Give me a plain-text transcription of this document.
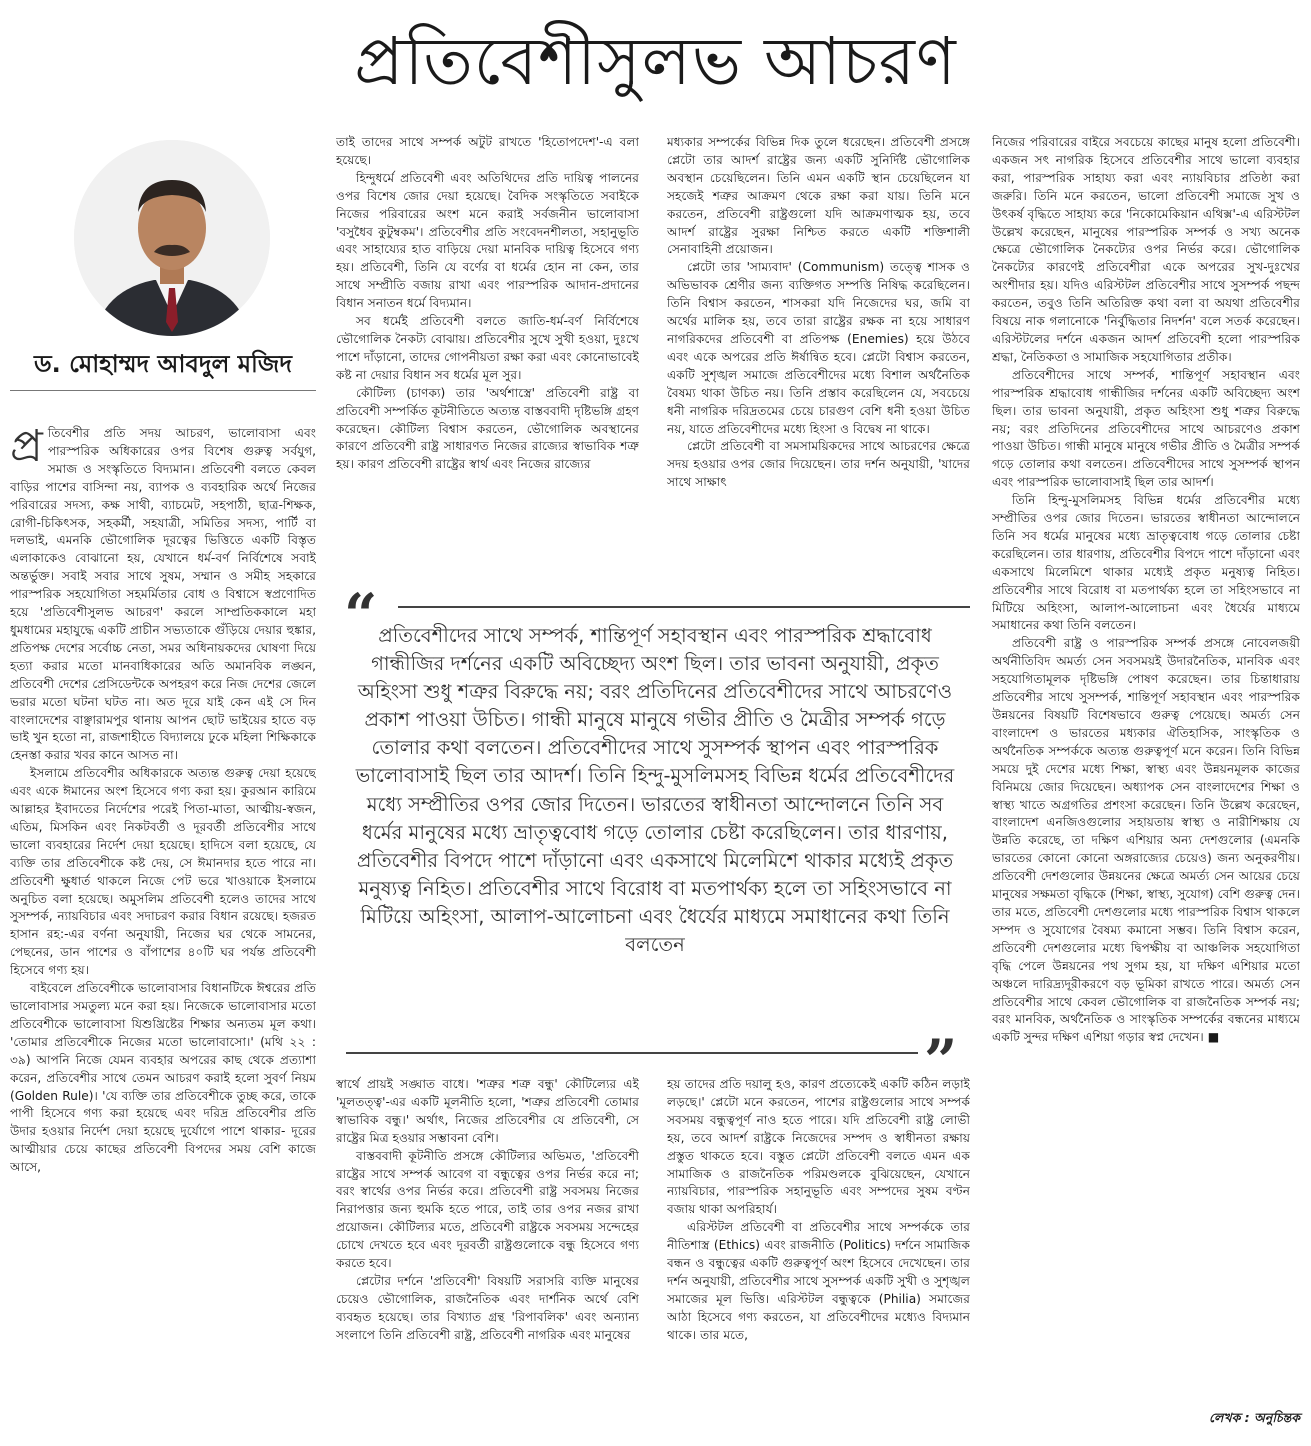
প্রতিবেশীসুলভ আচরণ
ড. মোহাম্মদ আবদুল মজিদ

প্র তিবেশীর প্রতি সদয় আচরণ, ভালোবাসা এবং পারস্পরিক অধিকারের ওপর বিশেষ গুরুত্ব সর্বযুগ, সমাজ ও সংস্কৃতিতে বিদ্যমান। প্রতিবেশী বলতে কেবল বাড়ির পাশের বাসিন্দা নয়, ব্যাপক ও ব্যবহারিক অর্থে নিজের পরিবারের সদস্য, কক্ষ সাথী, ব্যাচমেট, সহপাঠী, ছাত্র-শিক্ষক, রোগী-চিকিৎসক, সহকর্মী, সহযাত্রী, সমিতির সদস্য, পার্টি বা দলভাই, এমনকি ভৌগোলিক দূরত্বের ভিত্তিতে একটি বিস্তৃত এলাকাকেও বোঝানো হয়, যেখানে ধর্ম-বর্ণ নির্বিশেষে সবাই অন্তর্ভুক্ত। সবাই সবার সাথে সুষম, সম্মান ও সমীহ সহকারে পারস্পরিক সহযোগিতা সহমর্মিতার বোধ ও বিশ্বাসে স্বপ্রণোদিত হয়ে 'প্রতিবেশীসুলভ আচরণ' করলে সাম্প্রতিককালে মহা ধুমধামের মহাযুদ্ধে একটি প্রাচীন সভ্যতাকে গুঁড়িয়ে দেয়ার হুঙ্কার, প্রতিপক্ষ দেশের সর্বোচ্চ নেতা, সমর অধিনায়কদের ঘোষণা দিয়ে হত্যা করার মতো মানবাধিকারের অতি অমানবিক লঙ্ঘন, প্রতিবেশী দেশের প্রেসিডেন্টকে অপহরণ করে নিজ দেশের জেলে ভরার মতো ঘটনা ঘটত না। অত দূরে যাই কেন এই সে দিন বাংলাদেশের বাঞ্ছারামপুর থানায় আপন ছোট ভাইয়ের হাতে বড় ভাই খুন হতো না, রাজশাহীতে বিদ্যালয়ে ঢুকে মহিলা শিক্ষিকাকে হেনস্তা করার খবর কানে আসত না।

ইসলামে প্রতিবেশীর অধিকারকে অত্যন্ত গুরুত্ব দেয়া হয়েছে এবং একে ঈমানের অংশ হিসেবে গণ্য করা হয়। কুরআন কারিমে আল্লাহর ইবাদতের নির্দেশের পরেই পিতা-মাতা, আত্মীয়-স্বজন, এতিম, মিসকিন এবং নিকটবর্তী ও দূরবর্তী প্রতিবেশীর সাথে ভালো ব্যবহারের নির্দেশ দেয়া হয়েছে। হাদিসে বলা হয়েছে, যে ব্যক্তি তার প্রতিবেশীকে কষ্ট দেয়, সে ঈমানদার হতে পারে না। প্রতিবেশী ক্ষুধার্ত থাকলে নিজে পেট ভরে খাওয়াকে ইসলামে অনুচিত বলা হয়েছে। অমুসলিম প্রতিবেশী হলেও তাদের সাথে সুসম্পর্ক, ন্যায়বিচার এবং সদাচরণ করার বিধান রয়েছে। হজরত হাসান রহ:-এর বর্ণনা অনুযায়ী, নিজের ঘর থেকে সামনের, পেছনের, ডান পাশের ও বাঁপাশের ৪০টি ঘর পর্যন্ত প্রতিবেশী হিসেবে গণ্য হয়।

বাইবেলে প্রতিবেশীকে ভালোবাসার বিধানটিকে ঈশ্বরের প্রতি ভালোবাসার সমতুল্য মনে করা হয়। নিজেকে ভালোবাসার মতো প্রতিবেশীকে ভালোবাসা যিশুখ্রিষ্টের শিক্ষার অন্যতম মূল কথা। 'তোমার প্রতিবেশীকে নিজের মতো ভালোবাসো।' (মথি ২২ : ৩৯) আপনি নিজে যেমন ব্যবহার অপরের কাছ থেকে প্রত্যাশা করেন, প্রতিবেশীর সাথে তেমন আচরণ করাই হলো সুবর্ণ নিয়ম (Golden Rule)। 'যে ব্যক্তি তার প্রতিবেশীকে তুচ্ছ করে, তাকে পাপী হিসেবে গণ্য করা হয়েছে এবং দরিদ্র প্রতিবেশীর প্রতি উদার হওয়ার নির্দেশ দেয়া হয়েছে দুর্যোগে পাশে থাকার- দূরের আত্মীয়ার চেয়ে কাছের প্রতিবেশী বিপদের সময় বেশি কাজে আসে,

তাই তাদের সাথে সম্পর্ক অটুট রাখতে 'হিতোপদেশ'-এ বলা হয়েছে।

হিন্দুধর্মে প্রতিবেশী এবং অতিথিদের প্রতি দায়িত্ব পালনের ওপর বিশেষ জোর দেয়া হয়েছে। বৈদিক সংস্কৃতিতে সবাইকে নিজের পরিবারের অংশ মনে করাই সর্বজনীন ভালোবাসা 'বসুধৈব কুটুম্বকম'। প্রতিবেশীর প্রতি সংবেদনশীলতা, সহানুভূতি এবং সাহায্যের হাত বাড়িয়ে দেয়া মানবিক দায়িত্ব হিসেবে গণ্য হয়। প্রতিবেশী, তিনি যে বর্ণের বা ধর্মের হোন না কেন, তার সাথে সম্প্রীতি বজায় রাখা এবং পারস্পরিক আদান-প্রদানের বিধান সনাতন ধর্মে বিদ্যমান।

সব ধর্মেই প্রতিবেশী বলতে জাতি-ধর্ম-বর্ণ নির্বিশেষে ভৌগোলিক নৈকট্য বোঝায়। প্রতিবেশীর সুখে সুখী হওয়া, দুঃখে পাশে দাঁড়ানো, তাদের গোপনীয়তা রক্ষা করা এবং কোনোভাবেই কষ্ট না দেয়ার বিধান সব ধর্মের মূল সুর।

কৌটিল্য (চাণক্য) তার 'অর্থশাস্ত্রে' প্রতিবেশী রাষ্ট্র বা প্রতিবেশী সম্পর্কিত কূটনীতিতে অত্যন্ত বাস্তববাদী দৃষ্টিভঙ্গি গ্রহণ করেছেন। কৌটিল্য বিশ্বাস করতেন, ভৌগোলিক অবস্থানের কারণে প্রতিবেশী রাষ্ট্র সাধারণত নিজের রাজ্যের স্বাভাবিক শত্রু হয়। কারণ প্রতিবেশী রাষ্ট্রের স্বার্থ এবং নিজের রাজ্যের

মধ্যকার সম্পর্কের বিভিন্ন দিক তুলে ধরেছেন। প্রতিবেশী প্রসঙ্গে প্লেটো তার আদর্শ রাষ্ট্রের জন্য একটি সুনির্দিষ্ট ভৌগোলিক অবস্থান চেয়েছিলেন। তিনি এমন একটি স্থান চেয়েছিলেন যা সহজেই শত্রুর আক্রমণ থেকে রক্ষা করা যায়। তিনি মনে করতেন, প্রতিবেশী রাষ্ট্রগুলো যদি আক্রমণাত্মক হয়, তবে আদর্শ রাষ্ট্রের সুরক্ষা নিশ্চিত করতে একটি শক্তিশালী সেনাবাহিনী প্রয়োজন।

প্লেটো তার 'সাম্যবাদ' (Communism) তত্ত্বে শাসক ও অভিভাবক শ্রেণীর জন্য ব্যক্তিগত সম্পত্তি নিষিদ্ধ করেছিলেন। তিনি বিশ্বাস করতেন, শাসকরা যদি নিজেদের ঘর, জমি বা অর্থের মালিক হয়, তবে তারা রাষ্ট্রের রক্ষক না হয়ে সাধারণ নাগরিকদের প্রতিবেশী বা প্রতিপক্ষ (Enemies) হয়ে উঠবে এবং একে অপরের প্রতি ঈর্ষান্বিত হবে। প্লেটো বিশ্বাস করতেন, একটি সুশৃঙ্খল সমাজে প্রতিবেশীদের মধ্যে বিশাল অর্থনৈতিক বৈষম্য থাকা উচিত নয়। তিনি প্রস্তাব করেছিলেন যে, সবচেয়ে ধনী নাগরিক দরিদ্রতমের চেয়ে চারগুণ বেশি ধনী হওয়া উচিত নয়, যাতে প্রতিবেশীদের মধ্যে হিংসা ও বিদ্বেষ না থাকে।

প্লেটো প্রতিবেশী বা সমসাময়িকদের সাথে আচরণের ক্ষেত্রে সদয় হওয়ার ওপর জোর দিয়েছেন। তার দর্শন অনুযায়ী, 'যাদের সাথে সাক্ষাৎ

নিজের পরিবারের বাইরে সবচেয়ে কাছের মানুষ হলো প্রতিবেশী। একজন সৎ নাগরিক হিসেবে প্রতিবেশীর সাথে ভালো ব্যবহার করা, পারস্পরিক সাহায্য করা এবং ন্যায়বিচার প্রতিষ্ঠা করা জরুরি। তিনি মনে করতেন, ভালো প্রতিবেশী সমাজে সুখ ও উৎকর্ষ বৃদ্ধিতে সাহায্য করে 'নিকোমেকিয়ান এথিক্স'-এ এরিস্টটল উল্লেখ করেছেন, মানুষের পারস্পরিক সম্পর্ক ও সখ্য অনেক ক্ষেত্রে ভৌগোলিক নৈকট্যের ওপর নির্ভর করে। ভৌগোলিক নৈকট্যের কারণেই প্রতিবেশীরা একে অপরের সুখ-দুঃখের অংশীদার হয়। যদিও এরিস্টটল প্রতিবেশীর সাথে সুসম্পর্ক পছন্দ করতেন, তবুও তিনি অতিরিক্ত কথা বলা বা অযথা প্রতিবেশীর বিষয়ে নাক গলানোকে 'নির্বুদ্ধিতার নিদর্শন' বলে সতর্ক করেছেন। এরিস্টটলের দর্শনে একজন আদর্শ প্রতিবেশী হলো পারস্পরিক শ্রদ্ধা, নৈতিকতা ও সামাজিক সহযোগিতার প্রতীক।

প্রতিবেশীদের সাথে সম্পর্ক, শান্তিপূর্ণ সহাবস্থান এবং পারস্পরিক শ্রদ্ধাবোধ গান্ধীজির দর্শনের একটি অবিচ্ছেদ্য অংশ ছিল। তার ভাবনা অনুযায়ী, প্রকৃত অহিংসা শুধু শত্রুর বিরুদ্ধে নয়; বরং প্রতিদিনের প্রতিবেশীদের সাথে আচরণেও প্রকাশ পাওয়া উচিত। গান্ধী মানুষে মানুষে গভীর প্রীতি ও মৈত্রীর সম্পর্ক গড়ে তোলার কথা বলতেন। প্রতিবেশীদের সাথে সুসম্পর্ক স্থাপন এবং পারস্পরিক ভালোবাসাই ছিল তার আদর্শ।

তিনি হিন্দু-মুসলিমসহ বিভিন্ন ধর্মের প্রতিবেশীর মধ্যে সম্প্রীতির ওপর জোর দিতেন। ভারতের স্বাধীনতা আন্দোলনে তিনি সব ধর্মের মানুষের মধ্যে ভ্রাতৃত্ববোধ গড়ে তোলার চেষ্টা করেছিলেন। তার ধারণায়, প্রতিবেশীর বিপদে পাশে দাঁড়ানো এবং একসাথে মিলেমিশে থাকার মধ্যেই প্রকৃত মনুষ্যত্ব নিহিত। প্রতিবেশীর সাথে বিরোধ বা মতপার্থক্য হলে তা সহিংসভাবে না মিটিয়ে অহিংসা, আলাপ-আলোচনা এবং ধৈর্যের মাধ্যমে সমাধানের কথা তিনি বলতেন।

প্রতিবেশী রাষ্ট্র ও পারস্পরিক সম্পর্ক প্রসঙ্গে নোবেলজয়ী অর্থনীতিবিদ অমর্ত্য সেন সবসময়ই উদারনৈতিক, মানবিক এবং সহযোগিতামূলক দৃষ্টিভঙ্গি পোষণ করেছেন। তার চিন্তাধারায় প্রতিবেশীর সাথে সুসম্পর্ক, শান্তিপূর্ণ সহাবস্থান এবং পারস্পরিক উন্নয়নের বিষয়টি বিশেষভাবে গুরুত্ব পেয়েছে। অমর্ত্য সেন বাংলাদেশ ও ভারতের মধ্যকার ঐতিহাসিক, সাংস্কৃতিক ও অর্থনৈতিক সম্পর্ককে অত্যন্ত গুরুত্বপূর্ণ মনে করেন। তিনি বিভিন্ন সময়ে দুই দেশের মধ্যে শিক্ষা, স্বাস্থ্য এবং উন্নয়নমূলক কাজের বিনিময়ে জোর দিয়েছেন। অধ্যাপক সেন বাংলাদেশের শিক্ষা ও স্বাস্থ্য খাতে অগ্রগতির প্রশংসা করেছেন। তিনি উল্লেখ করেছেন, বাংলাদেশ এনজিওগুলোর সহায়তায় স্বাস্থ্য ও নারীশিক্ষায় যে উন্নতি করেছে, তা দক্ষিণ এশিয়ার অন্য দেশগুলোর (এমনকি ভারতের কোনো কোনো অঙ্গরাজ্যের চেয়েও) জন্য অনুকরণীয়। প্রতিবেশী দেশগুলোর উন্নয়নের ক্ষেত্রে অমর্ত্য সেন আয়ের চেয়ে মানুষের সক্ষমতা বৃদ্ধিকে (শিক্ষা, স্বাস্থ্য, সুযোগ) বেশি গুরুত্ব দেন। তার মতে, প্রতিবেশী দেশগুলোর মধ্যে পারস্পরিক বিশ্বাস থাকলে সম্পদ ও সুযোগের বৈষম্য কমানো সম্ভব। তিনি বিশ্বাস করেন, প্রতিবেশী দেশগুলোর মধ্যে দ্বিপক্ষীয় বা আঞ্চলিক সহযোগিতা বৃদ্ধি পেলে উন্নয়নের পথ সুগম হয়, যা দক্ষিণ এশিয়ার মতো অঞ্চলে দারিদ্র্যদূরীকরণে বড় ভূমিকা রাখতে পারে। অমর্ত্য সেন প্রতিবেশীর সাথে কেবল ভৌগোলিক বা রাজনৈতিক সম্পর্ক নয়; বরং মানবিক, অর্থনৈতিক ও সাংস্কৃতিক সম্পর্কের বন্ধনের মাধ্যমে একটি সুন্দর দক্ষিণ এশিয়া গড়ার স্বপ্ন দেখেন। ■

“ প্রতিবেশীদের সাথে সম্পর্ক, শান্তিপূর্ণ সহাবস্থান এবং পারস্পরিক শ্রদ্ধাবোধ গান্ধীজির দর্শনের একটি অবিচ্ছেদ্য অংশ ছিল। তার ভাবনা অনুযায়ী, প্রকৃত অহিংসা শুধু শত্রুর বিরুদ্ধে নয়; বরং প্রতিদিনের প্রতিবেশীদের সাথে আচরণেও প্রকাশ পাওয়া উচিত। গান্ধী মানুষে মানুষে গভীর প্রীতি ও মৈত্রীর সম্পর্ক গড়ে তোলার কথা বলতেন। প্রতিবেশীদের সাথে সুসম্পর্ক স্থাপন এবং পারস্পরিক ভালোবাসাই ছিল তার আদর্শ। তিনি হিন্দু-মুসলিমসহ বিভিন্ন ধর্মের প্রতিবেশীদের মধ্যে সম্প্রীতির ওপর জোর দিতেন। ভারতের স্বাধীনতা আন্দোলনে তিনি সব ধর্মের মানুষের মধ্যে ভ্রাতৃত্ববোধ গড়ে তোলার চেষ্টা করেছিলেন। তার ধারণায়, প্রতিবেশীর বিপদে পাশে দাঁড়ানো এবং একসাথে মিলেমিশে থাকার মধ্যেই প্রকৃত মনুষ্যত্ব নিহিত। প্রতিবেশীর সাথে বিরোধ বা মতপার্থক্য হলে তা সহিংসভাবে না মিটিয়ে অহিংসা, আলাপ-আলোচনা এবং ধৈর্যের মাধ্যমে সমাধানের কথা তিনি বলতেন
”

স্বার্থে প্রায়ই সঙ্ঘাত বাধে। 'শত্রুর শত্রু বন্ধু' কৌটিল্যের এই 'মূলতত্ত্ব'-এর একটি মূলনীতি হলো, 'শত্রুর প্রতিবেশী তোমার স্বাভাবিক বন্ধু।' অর্থাৎ, নিজের প্রতিবেশীর যে প্রতিবেশী, সে রাষ্ট্রের মিত্র হওয়ার সম্ভাবনা বেশি।

বাস্তববাদী কূটনীতি প্রসঙ্গে কৌটিল্যর অভিমত, 'প্রতিবেশী রাষ্ট্রের সাথে সম্পর্ক আবেগ বা বন্ধুত্বের ওপর নির্ভর করে না; বরং স্বার্থের ওপর নির্ভর করে। প্রতিবেশী রাষ্ট্র সবসময় নিজের নিরাপত্তার জন্য হুমকি হতে পারে, তাই তার ওপর নজর রাখা প্রয়োজন। কৌটিল্যর মতে, প্রতিবেশী রাষ্ট্রকে সবসময় সন্দেহের চোখে দেখতে হবে এবং দূরবর্তী রাষ্ট্রগুলোকে বন্ধু হিসেবে গণ্য করতে হবে।

প্লেটোর দর্শনে 'প্রতিবেশী' বিষয়টি সরাসরি ব্যক্তি মানুষের চেয়েও ভৌগোলিক, রাজনৈতিক এবং দার্শনিক অর্থে বেশি ব্যবহৃত হয়েছে। তার বিখ্যাত গ্রন্থ 'রিপাবলিক' এবং অন্যান্য সংলাপে তিনি প্রতিবেশী রাষ্ট্র, প্রতিবেশী নাগরিক এবং মানুষের

হয় তাদের প্রতি দয়ালু হও, কারণ প্রত্যেকেই একটি কঠিন লড়াই লড়ছে।' প্লেটো মনে করতেন, পাশের রাষ্ট্রগুলোর সাথে সম্পর্ক সবসময় বন্ধুত্বপূর্ণ নাও হতে পারে। যদি প্রতিবেশী রাষ্ট্র লোভী হয়, তবে আদর্শ রাষ্ট্রকে নিজেদের সম্পদ ও স্বাধীনতা রক্ষায় প্রস্তুত থাকতে হবে। বস্তুত প্লেটো প্রতিবেশী বলতে এমন এক সামাজিক ও রাজনৈতিক পরিমণ্ডলকে বুঝিয়েছেন, যেখানে ন্যায়বিচার, পারস্পরিক সহানুভূতি এবং সম্পদের সুষম বণ্টন বজায় থাকা অপরিহার্য।

এরিস্টটল প্রতিবেশী বা প্রতিবেশীর সাথে সম্পর্ককে তার নীতিশাস্ত্র (Ethics) এবং রাজনীতি (Politics) দর্শনে সামাজিক বন্ধন ও বন্ধুত্বের একটি গুরুত্বপূর্ণ অংশ হিসেবে দেখেছেন। তার দর্শন অনুযায়ী, প্রতিবেশীর সাথে সুসম্পর্ক একটি সুখী ও সুশৃঙ্খল সমাজের মূল ভিত্তি। এরিস্টটল বন্ধুত্বকে (Philia) সমাজের আঠা হিসেবে গণ্য করতেন, যা প্রতিবেশীদের মধ্যেও বিদ্যমান থাকে। তার মতে,

লেখক : অনুচিন্তক
